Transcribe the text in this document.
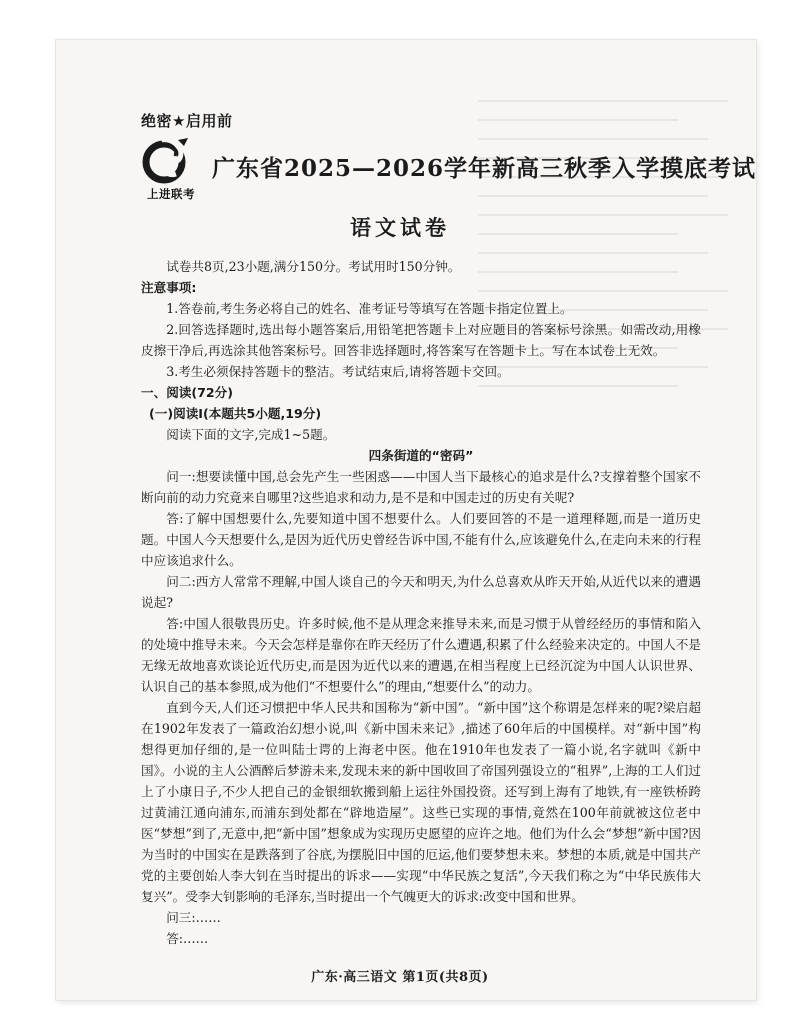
绝密★启用前
上进联考
广东省2025—2026学年新高三秋季入学摸底考试
语文试卷

试卷共8页,23小题,满分150分。考试用时150分钟。

注意事项:

1.答卷前,考生务必将自己的姓名、准考证号等填写在答题卡指定位置上。

2.回答选择题时,选出每小题答案后,用铅笔把答题卡上对应题目的答案标号涂黑。如需改动,用橡皮擦干净后,再选涂其他答案标号。回答非选择题时,将答案写在答题卡上。写在本试卷上无效。

3.考生必须保持答题卡的整洁。考试结束后,请将答题卡交回。

一、阅读(72分)

(一)阅读Ⅰ(本题共5小题,19分)

阅读下面的文字,完成1~5题。

四条街道的“密码”

问一:想要读懂中国,总会先产生一些困惑——中国人当下最核心的追求是什么?支撑着整个国家不断向前的动力究竟来自哪里?这些追求和动力,是不是和中国走过的历史有关呢?

答:了解中国想要什么,先要知道中国不想要什么。人们要回答的不是一道理释题,而是一道历史题。中国人今天想要什么,是因为近代历史曾经告诉中国,不能有什么,应该避免什么,在走向未来的行程中应该追求什么。

问二:西方人常常不理解,中国人谈自己的今天和明天,为什么总喜欢从昨天开始,从近代以来的遭遇说起?

答:中国人很敬畏历史。许多时候,他不是从理念来推导未来,而是习惯于从曾经经历的事情和陷入的处境中推导未来。今天会怎样是靠你在昨天经历了什么遭遇,积累了什么经验来决定的。中国人不是无缘无故地喜欢谈论近代历史,而是因为近代以来的遭遇,在相当程度上已经沉淀为中国人认识世界、认识自己的基本参照,成为他们“不想要什么”的理由,“想要什么”的动力。

直到今天,人们还习惯把中华人民共和国称为“新中国”。“新中国”这个称谓是怎样来的呢?梁启超在1902年发表了一篇政治幻想小说,叫《新中国未来记》,描述了60年后的中国模样。对“新中国”构想得更加仔细的,是一位叫陆士谔的上海老中医。他在1910年也发表了一篇小说,名字就叫《新中国》。小说的主人公酒醉后梦游未来,发现未来的新中国收回了帝国列强设立的“租界”,上海的工人们过上了小康日子,不少人把自己的金银细软搬到船上运往外国投资。还写到上海有了地铁,有一座铁桥跨过黄浦江通向浦东,而浦东到处都在“辟地造屋”。这些已实现的事情,竟然在100年前就被这位老中医“梦想”到了,无意中,把“新中国”想象成为实现历史愿望的应许之地。他们为什么会“梦想”新中国?因为当时的中国实在是跌落到了谷底,为摆脱旧中国的厄运,他们要梦想未来。梦想的本质,就是中国共产党的主要创始人李大钊在当时提出的诉求——实现“中华民族之复活”,今天我们称之为“中华民族伟大复兴”。受李大钊影响的毛泽东,当时提出一个气魄更大的诉求:改变中国和世界。

问三:……

答:……

广东·高三语文 第1页(共8页)
